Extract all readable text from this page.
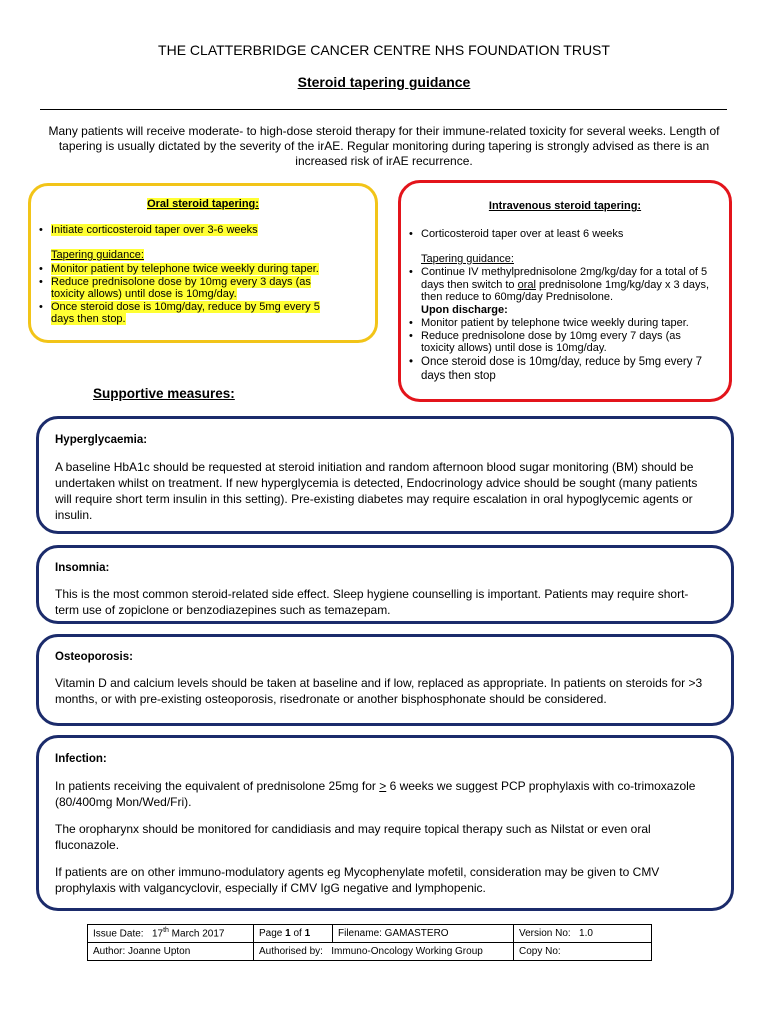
THE CLATTERBRIDGE CANCER CENTRE NHS FOUNDATION TRUST
Steroid tapering guidance
Many patients will receive moderate- to high-dose steroid therapy for their immune-related toxicity for several weeks. Length of tapering is usually dictated by the severity of the irAE. Regular monitoring during tapering is strongly advised as there is an increased risk of irAE recurrence.
Oral steroid tapering:
• Initiate corticosteroid taper over 3-6 weeks
Tapering guidance:
• Monitor patient by telephone twice weekly during taper.
• Reduce prednisolone dose by 10mg every 3 days (as toxicity allows) until dose is 10mg/day.
• Once steroid dose is 10mg/day, reduce by 5mg every 5 days then stop.
Intravenous steroid tapering:
• Corticosteroid taper over at least 6 weeks
Tapering guidance:
• Continue IV methylprednisolone 2mg/kg/day for a total of 5 days then switch to oral prednisolone 1mg/kg/day x 3 days, then reduce to 60mg/day Prednisolone.
Upon discharge:
• Monitor patient by telephone twice weekly during taper.
• Reduce prednisolone dose by 10mg every 7 days (as toxicity allows) until dose is 10mg/day.
• Once steroid dose is 10mg/day, reduce by 5mg every 7 days then stop
Supportive measures:

Hyperglycaemia:

A baseline HbA1c should be requested at steroid initiation and random afternoon blood sugar monitoring (BM) should be undertaken whilst on treatment. If new hyperglycemia is detected, Endocrinology advice should be sought (many patients will require short term insulin in this setting). Pre-existing diabetes may require escalation in oral hypoglycemic agents or insulin.

Insomnia:

This is the most common steroid-related side effect. Sleep hygiene counselling is important. Patients may require short-term use of zopiclone or benzodiazepines such as temazepam.

Osteoporosis:

Vitamin D and calcium levels should be taken at baseline and if low, replaced as appropriate. In patients on steroids for >3 months, or with pre-existing osteoporosis, risedronate or another bisphosphonate should be considered.

Infection:

In patients receiving the equivalent of prednisolone 25mg for > 6 weeks we suggest PCP prophylaxis with co-trimoxazole (80/400mg Mon/Wed/Fri).

The oropharynx should be monitored for candidiasis and may require topical therapy such as Nilstat or even oral fluconazole.

If patients are on other immuno-modulatory agents eg Mycophenylate mofetil, consideration may be given to CMV prophylaxis with valgancyclovir, especially if CMV IgG negative and lymphopenic.

Issue Date: 17th March 2017	Page 1 of 1	Filename: GAMASTERO	Version No: 1.0
Author: Joanne Upton	Authorised by: Immuno-Oncology Working Group		Copy No:
